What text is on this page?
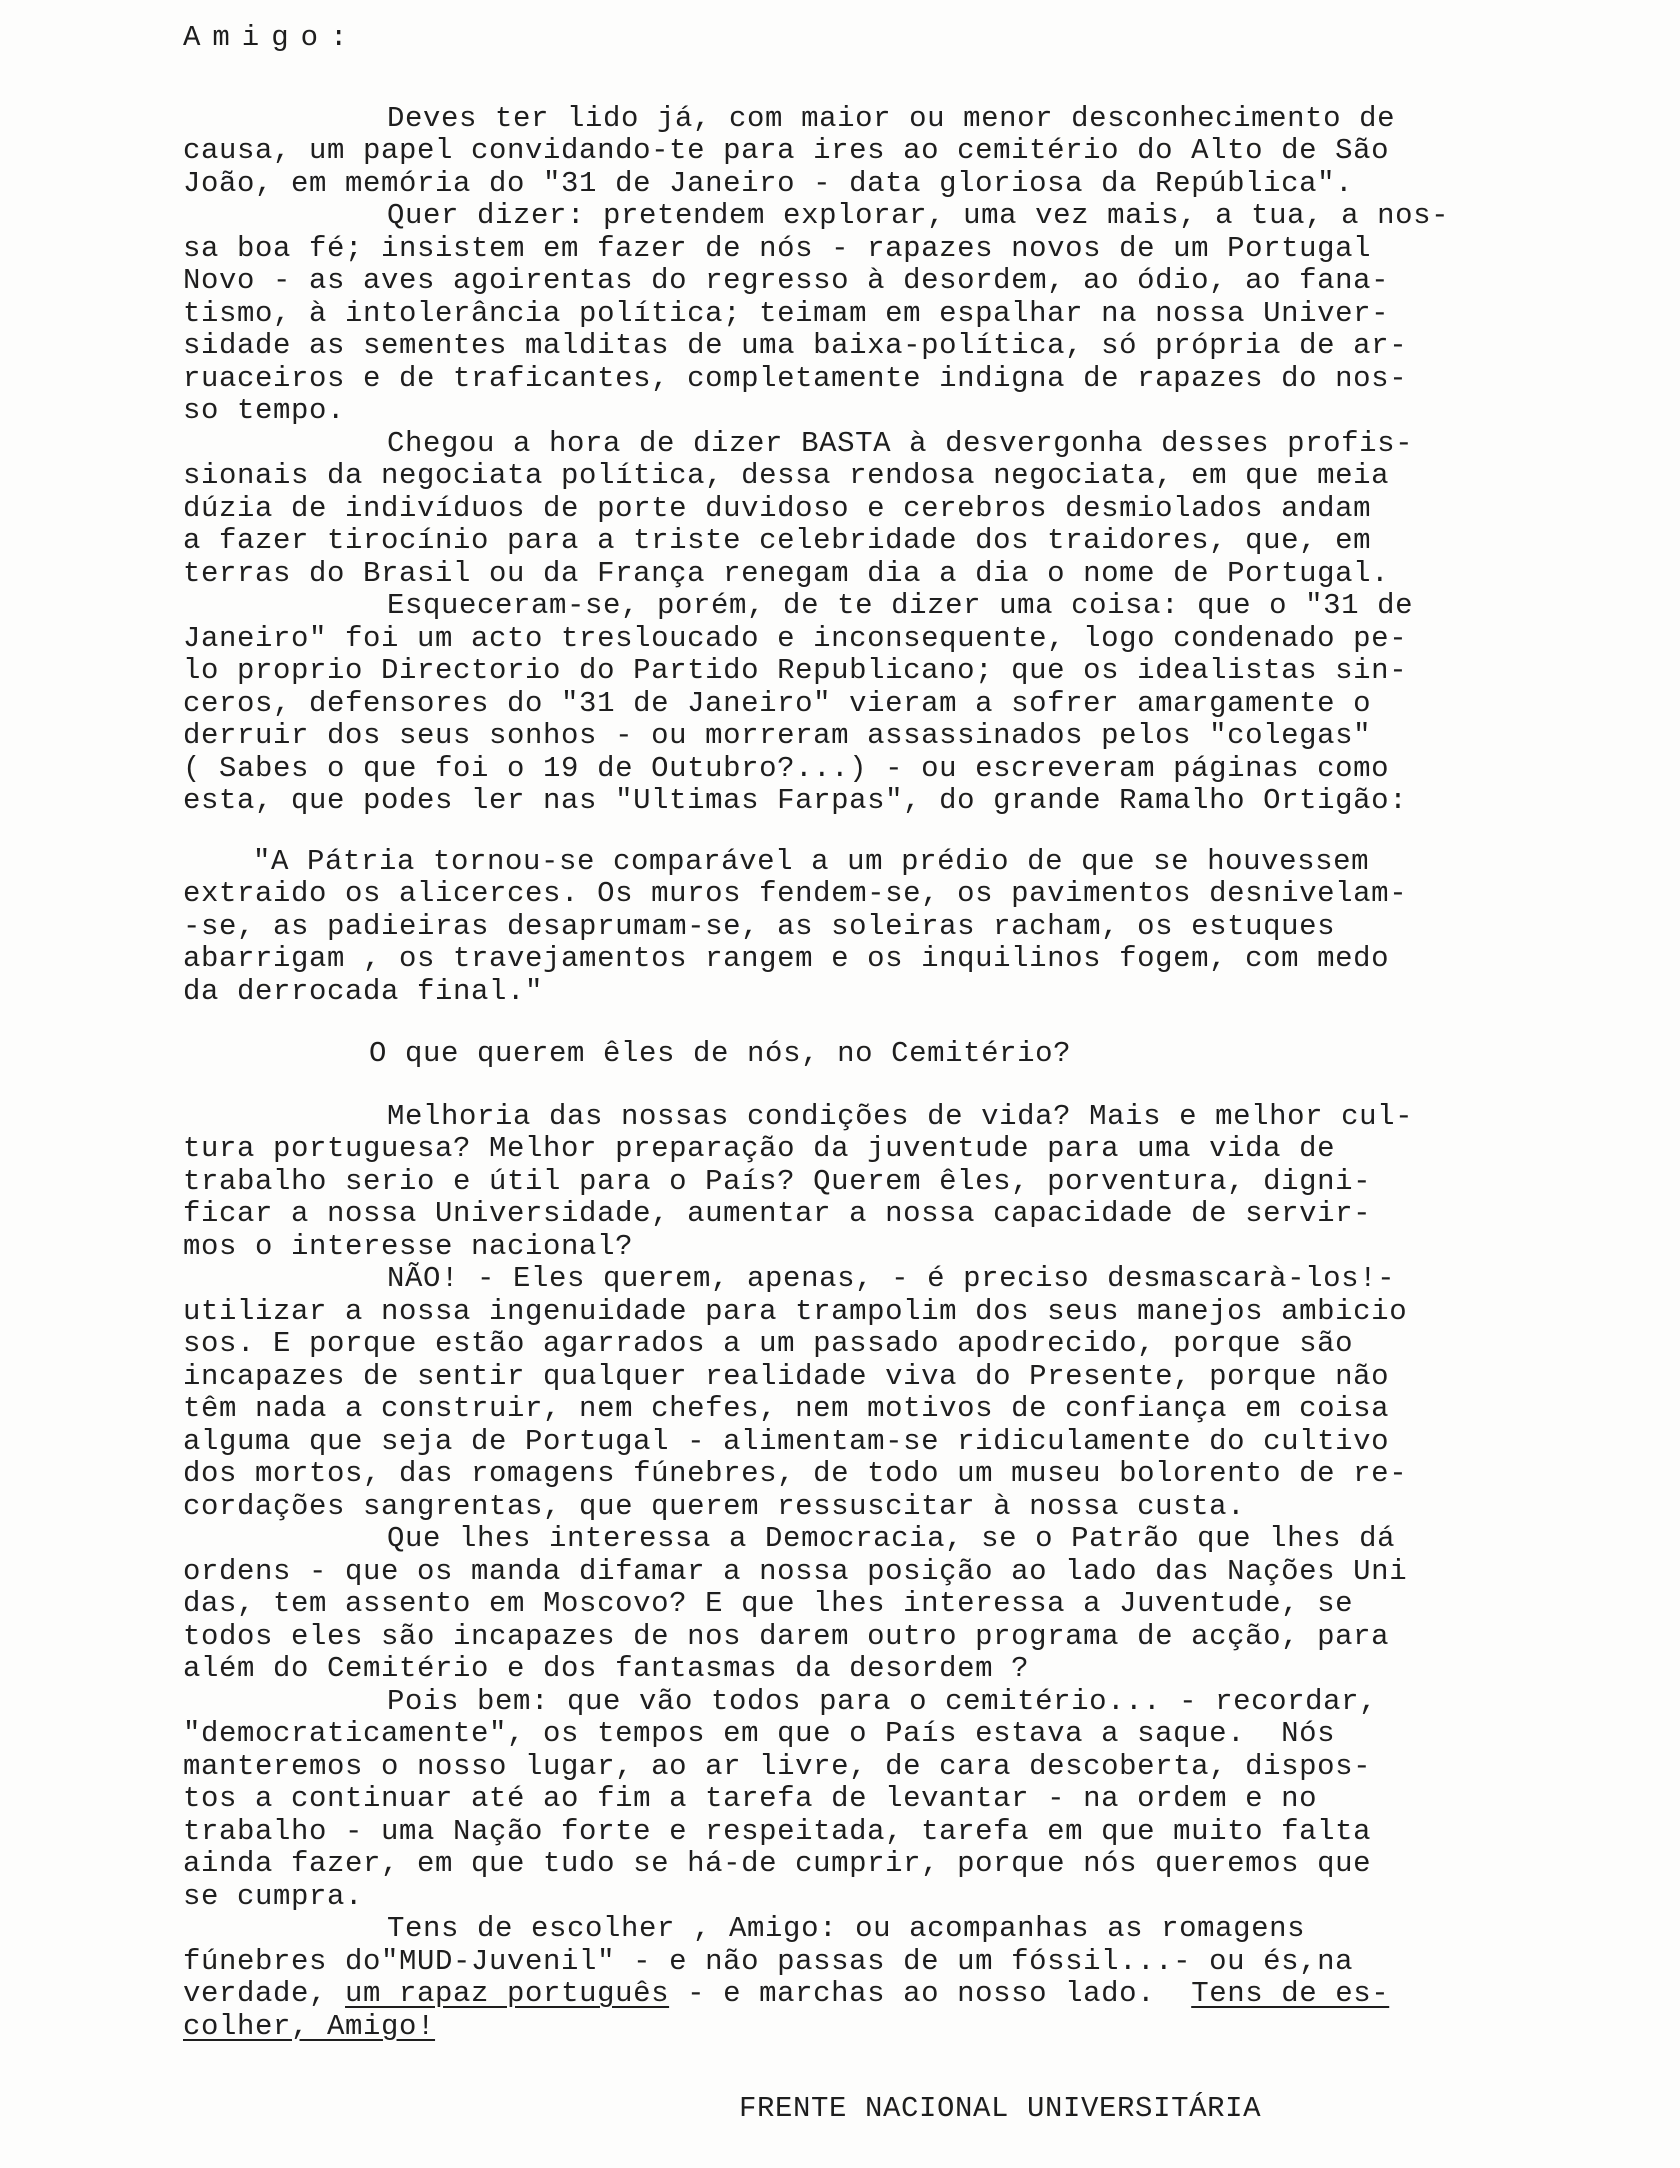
Amigo:
Deves ter lido já, com maior ou menor desconhecimento de
causa, um papel convidando-te para ires ao cemitério do Alto de São
João, em memória do "31 de Janeiro - data gloriosa da República".
Quer dizer: pretendem explorar, uma vez mais, a tua, a nos-
sa boa fé; insistem em fazer de nós - rapazes novos de um Portugal
Novo - as aves agoirentas do regresso à desordem, ao ódio, ao fana-
tismo, à intolerância política; teimam em espalhar na nossa Univer-
sidade as sementes malditas de uma baixa-política, só própria de ar-
ruaceiros e de traficantes, completamente indigna de rapazes do nos-
so tempo.
Chegou a hora de dizer BASTA à desvergonha desses profis-
sionais da negociata política, dessa rendosa negociata, em que meia
dúzia de indivíduos de porte duvidoso e cerebros desmiolados andam
a fazer tirocínio para a triste celebridade dos traidores, que, em
terras do Brasil ou da França renegam dia a dia o nome de Portugal.
Esqueceram-se, porém, de te dizer uma coisa: que o "31 de
Janeiro" foi um acto tresloucado e inconsequente, logo condenado pe-
lo proprio Directorio do Partido Republicano; que os idealistas sin-
ceros, defensores do "31 de Janeiro" vieram a sofrer amargamente o
derruir dos seus sonhos - ou morreram assassinados pelos "colegas"
( Sabes o que foi o 19 de Outubro?...) - ou escreveram páginas como
esta, que podes ler nas "Ultimas Farpas", do grande Ramalho Ortigão:
"A Pátria tornou-se comparável a um prédio de que se houvessem
extraido os alicerces. Os muros fendem-se, os pavimentos desnivelam-
-se, as padieiras desaprumam-se, as soleiras racham, os estuques
abarrigam , os travejamentos rangem e os inquilinos fogem, com medo
da derrocada final."
O que querem êles de nós, no Cemitério?
Melhoria das nossas condições de vida? Mais e melhor cul-
tura portuguesa? Melhor preparação da juventude para uma vida de
trabalho serio e útil para o País? Querem êles, porventura, digni-
ficar a nossa Universidade, aumentar a nossa capacidade de servir-
mos o interesse nacional?
NÃO! - Eles querem, apenas, - é preciso desmascarà-los!-
utilizar a nossa ingenuidade para trampolim dos seus manejos ambicio
sos. E porque estão agarrados a um passado apodrecido, porque são
incapazes de sentir qualquer realidade viva do Presente, porque não
têm nada a construir, nem chefes, nem motivos de confiança em coisa
alguma que seja de Portugal - alimentam-se ridiculamente do cultivo
dos mortos, das romagens fúnebres, de todo um museu bolorento de re-
cordações sangrentas, que querem ressuscitar à nossa custa.
Que lhes interessa a Democracia, se o Patrão que lhes dá
ordens - que os manda difamar a nossa posição ao lado das Nações Uni
das, tem assento em Moscovo? E que lhes interessa a Juventude, se
todos eles são incapazes de nos darem outro programa de acção, para
além do Cemitério e dos fantasmas da desordem ?
Pois bem: que vão todos para o cemitério... - recordar,
"democraticamente", os tempos em que o País estava a saque.  Nós
manteremos o nosso lugar, ao ar livre, de cara descoberta, dispos-
tos a continuar até ao fim a tarefa de levantar - na ordem e no
trabalho - uma Nação forte e respeitada, tarefa em que muito falta
ainda fazer, em que tudo se há-de cumprir, porque nós queremos que
se cumpra.
Tens de escolher , Amigo: ou acompanhas as romagens
fúnebres do"MUD-Juvenil" - e não passas de um fóssil...- ou és,na
verdade, um rapaz português - e marchas ao nosso lado.  Tens de es-
colher, Amigo!
FRENTE NACIONAL UNIVERSITÁRIA
